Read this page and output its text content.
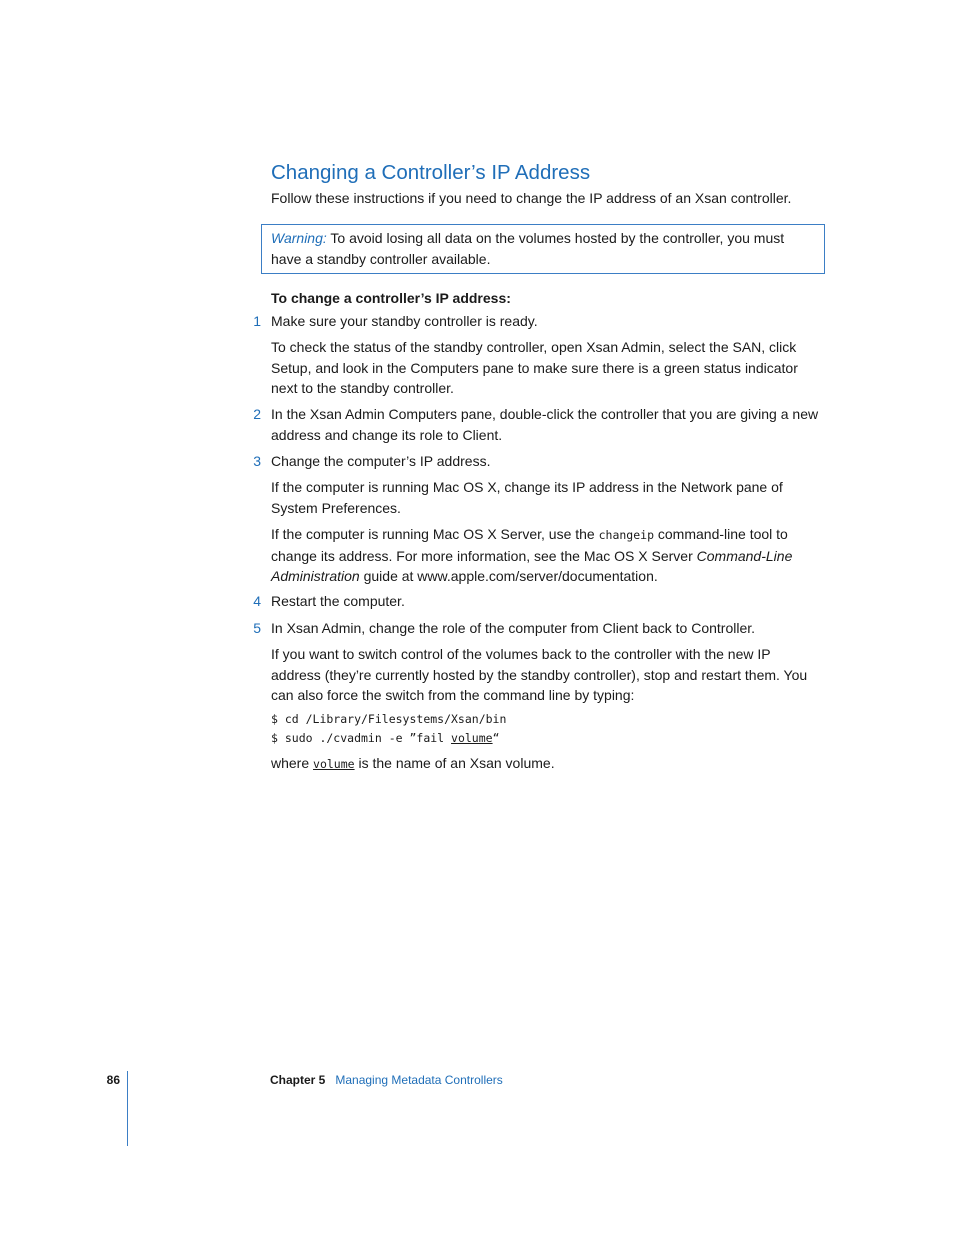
Changing a Controller’s IP Address
Follow these instructions if you need to change the IP address of an Xsan controller.
Warning: To avoid losing all data on the volumes hosted by the controller, you must have a standby controller available.
To change a controller’s IP address:
1 Make sure your standby controller is ready.
To check the status of the standby controller, open Xsan Admin, select the SAN, click Setup, and look in the Computers pane to make sure there is a green status indicator next to the standby controller.
2 In the Xsan Admin Computers pane, double-click the controller that you are giving a new address and change its role to Client.
3 Change the computer’s IP address.
If the computer is running Mac OS X, change its IP address in the Network pane of System Preferences.
If the computer is running Mac OS X Server, use the changeip command-line tool to change its address. For more information, see the Mac OS X Server Command-Line Administration guide at www.apple.com/server/documentation.
4 Restart the computer.
5 In Xsan Admin, change the role of the computer from Client back to Controller.
If you want to switch control of the volumes back to the controller with the new IP address (they’re currently hosted by the standby controller), stop and restart them. You can also force the switch from the command line by typing:
$ cd /Library/Filesystems/Xsan/bin
$ sudo ./cvadmin -e ”fail volume“
where volume is the name of an Xsan volume.
86	Chapter 5 Managing Metadata Controllers
